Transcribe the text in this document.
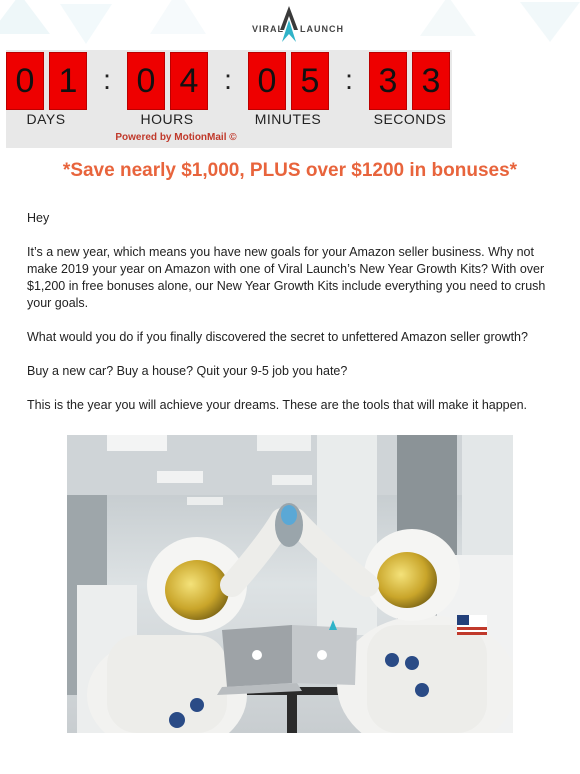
VIRAL LAUNCH
0 1 : 0 4 : 0 5 : 3 3
DAYS	HOURS	MINUTES	SECONDS
Powered by MotionMail ©
*Save nearly $1,000, PLUS over $1200 in bonuses*

Hey

It’s a new year, which means you have new goals for your Amazon seller business. Why not make 2019 your year on Amazon with one of Viral Launch’s New Year Growth Kits? With over $1,200 in free bonuses alone, our New Year Growth Kits include everything you need to crush your goals.

What would you do if you finally discovered the secret to unfettered Amazon seller growth?

Buy a new car? Buy a house? Quit your 9-5 job you hate?

This is the year you will achieve your dreams. These are the tools that will make it happen.
